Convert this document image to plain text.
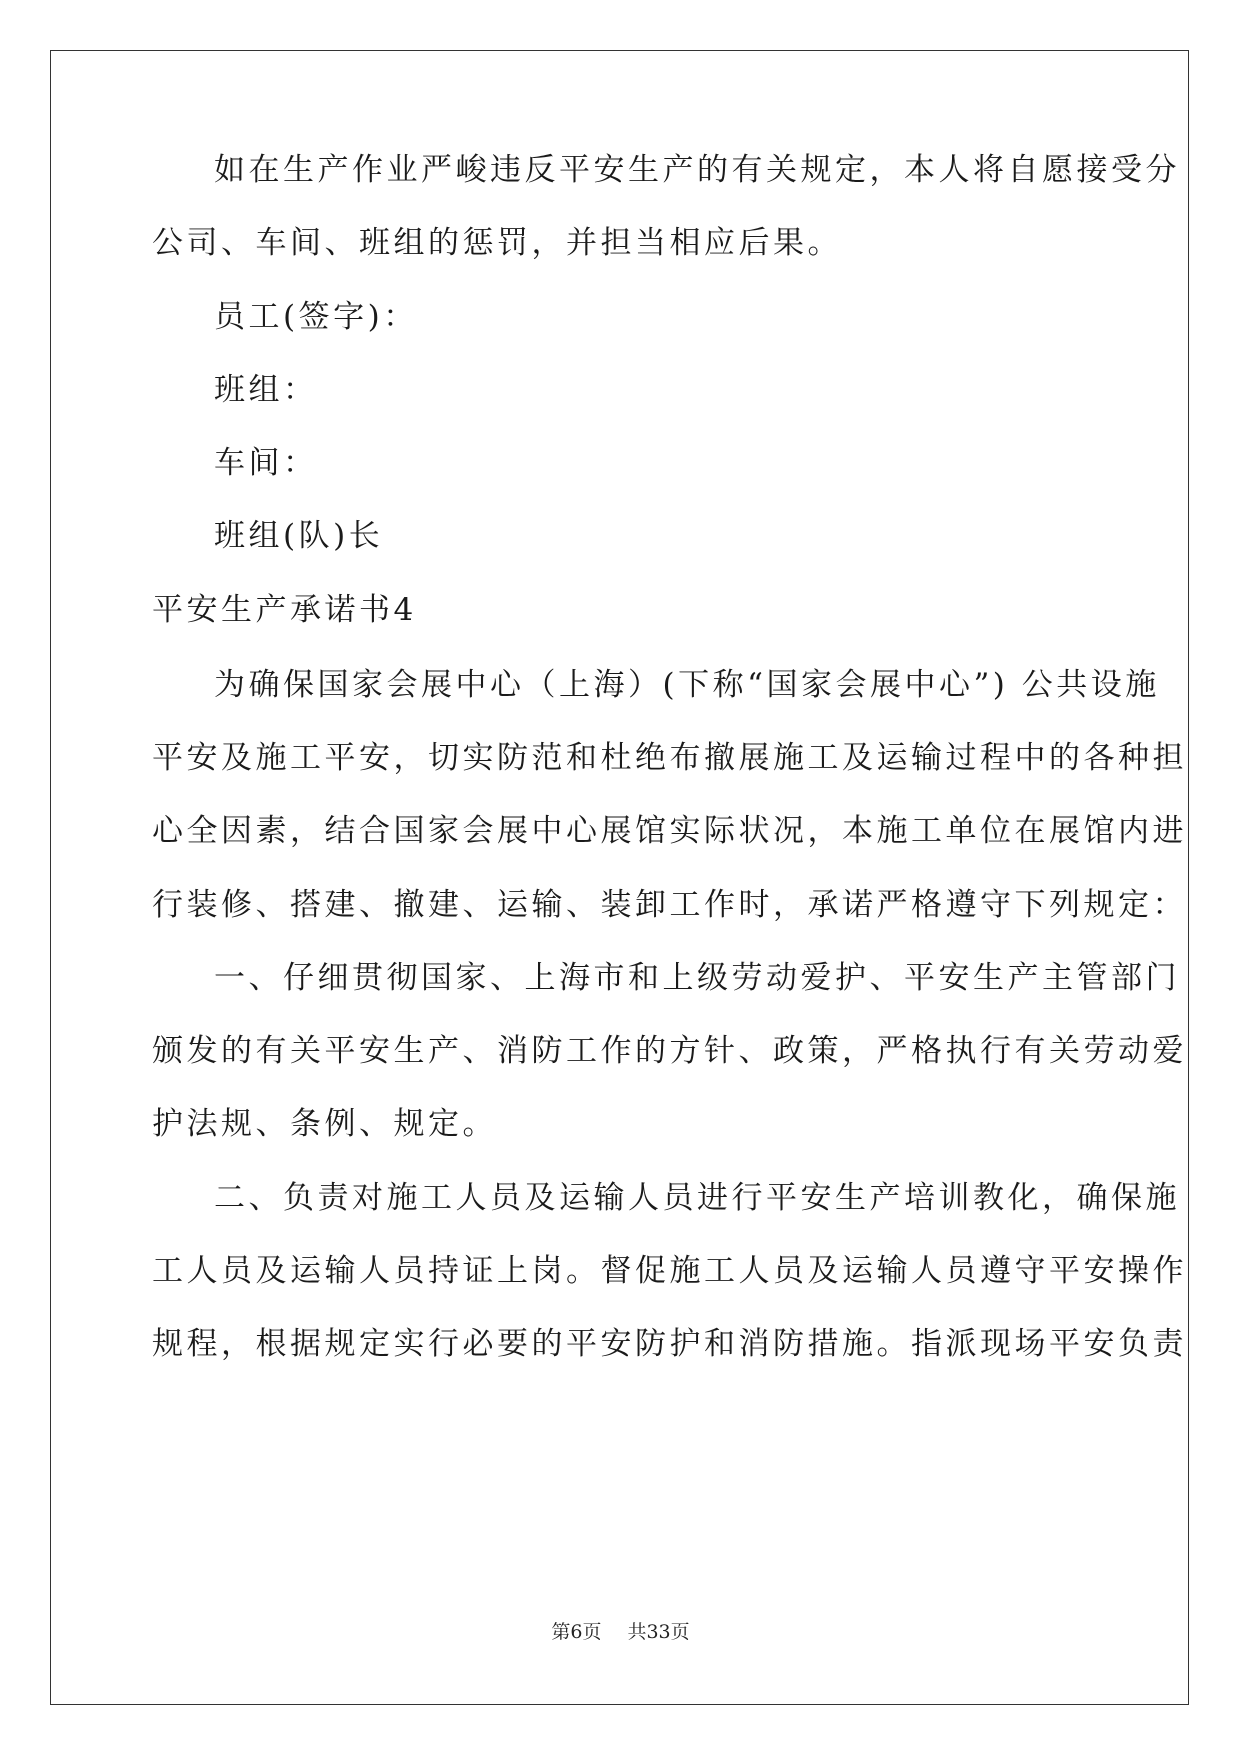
如在生产作业严峻违反平安生产的有关规定，本人将自愿接受分
公司、车间、班组的惩罚，并担当相应后果。
员工(签字)：
班组：
车间：
班组(队)长
平安生产承诺书4
为确保国家会展中心（上海）(下称“国家会展中心”) 公共设施
平安及施工平安，切实防范和杜绝布撤展施工及运输过程中的各种担
心全因素，结合国家会展中心展馆实际状况，本施工单位在展馆内进
行装修、搭建、撤建、运输、装卸工作时，承诺严格遵守下列规定：
一、仔细贯彻国家、上海市和上级劳动爱护、平安生产主管部门
颁发的有关平安生产、消防工作的方针、政策，严格执行有关劳动爱
护法规、条例、规定。
二、负责对施工人员及运输人员进行平安生产培训教化，确保施
工人员及运输人员持证上岗。督促施工人员及运输人员遵守平安操作
规程，根据规定实行必要的平安防护和消防措施。指派现场平安负责
第6页 共33页
